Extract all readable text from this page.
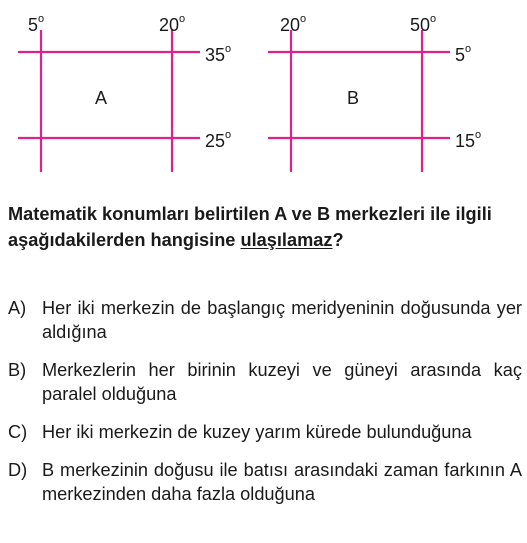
5$^o$	20$^o$
35$^o$
25$^o$
A
20$^o$	50$^o$
5$^o$
15$^o$
B

Matematik konumları belirtilen A ve B merkezleri ile ilgili aşağıdakilerden hangisine ulaşılamaz?

A) Her iki merkezin de başlangıç meridyeninin doğusunda yer aldığına
B) Merkezlerin her birinin kuzeyi ve güneyi arasında kaç paralel olduğuna
C) Her iki merkezin de kuzey yarım kürede bulunduğuna
D) B merkezinin doğusu ile batısı arasındaki zaman farkının A merkezinden daha fazla olduğuna
